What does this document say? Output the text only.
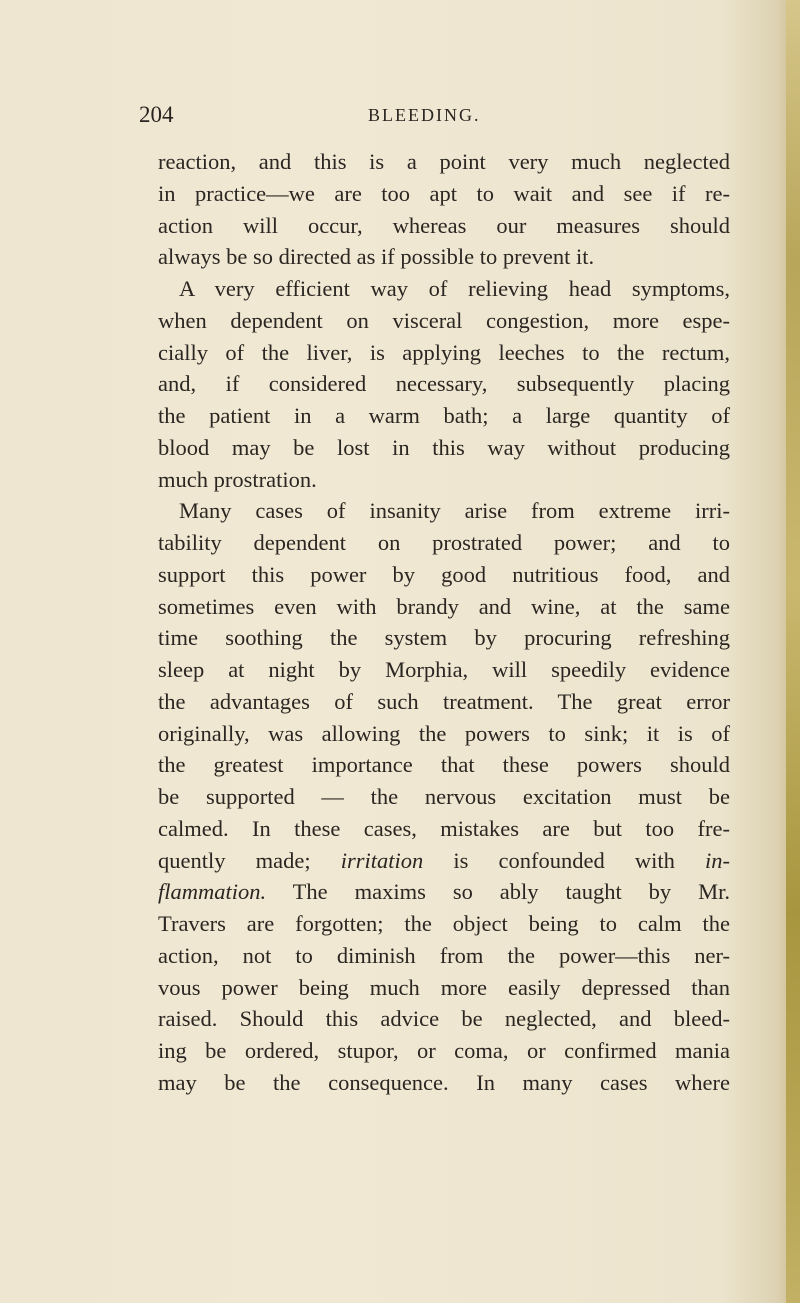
204	BLEEDING.
reaction, and this is a point very much neglected
in practice—we are too apt to wait and see if re-
action will occur, whereas our measures should
always be so directed as if possible to prevent it.
A very efficient way of relieving head symptoms,
when dependent on visceral congestion, more espe-
cially of the liver, is applying leeches to the rectum,
and, if considered necessary, subsequently placing
the patient in a warm bath; a large quantity of
blood may be lost in this way without producing
much prostration.
Many cases of insanity arise from extreme irri-
tability dependent on prostrated power; and to
support this power by good nutritious food, and
sometimes even with brandy and wine, at the same
time soothing the system by procuring refreshing
sleep at night by Morphia, will speedily evidence
the advantages of such treatment. The great error
originally, was allowing the powers to sink; it is of
the greatest importance that these powers should
be supported — the nervous excitation must be
calmed. In these cases, mistakes are but too fre-
quently made; irritation is confounded with in-
flammation. The maxims so ably taught by Mr.
Travers are forgotten; the object being to calm the
action, not to diminish from the power—this ner-
vous power being much more easily depressed than
raised. Should this advice be neglected, and bleed-
ing be ordered, stupor, or coma, or confirmed mania
may be the consequence. In many cases where
